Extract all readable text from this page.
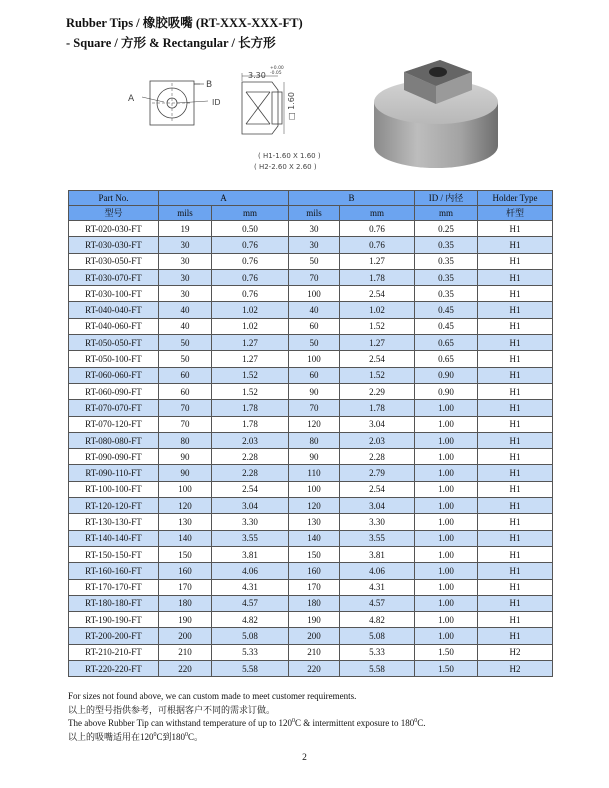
Rubber Tips / 橡胶吸嘴 (RT-XXX-XXX-FT)
- Square / 方形 & Rectangular / 长方形
A
B
ID
3.30
+0.00
-0.05
□ 1.60
( H1-1.60 X 1.60 )
( H2-2.60 X 2.60 )
Part No.	A		B		ID / 内径	Holder Type
型号	mils	mm	mils	mm	mm	杆型
RT-020-030-FT	19	0.50	30	0.76	0.25	H1
RT-030-030-FT	30	0.76	30	0.76	0.35	H1
RT-030-050-FT	30	0.76	50	1.27	0.35	H1
RT-030-070-FT	30	0.76	70	1.78	0.35	H1
RT-030-100-FT	30	0.76	100	2.54	0.35	H1
RT-040-040-FT	40	1.02	40	1.02	0.45	H1
RT-040-060-FT	40	1.02	60	1.52	0.45	H1
RT-050-050-FT	50	1.27	50	1.27	0.65	H1
RT-050-100-FT	50	1.27	100	2.54	0.65	H1
RT-060-060-FT	60	1.52	60	1.52	0.90	H1
RT-060-090-FT	60	1.52	90	2.29	0.90	H1
RT-070-070-FT	70	1.78	70	1.78	1.00	H1
RT-070-120-FT	70	1.78	120	3.04	1.00	H1
RT-080-080-FT	80	2.03	80	2.03	1.00	H1
RT-090-090-FT	90	2.28	90	2.28	1.00	H1
RT-090-110-FT	90	2.28	110	2.79	1.00	H1
RT-100-100-FT	100	2.54	100	2.54	1.00	H1
RT-120-120-FT	120	3.04	120	3.04	1.00	H1
RT-130-130-FT	130	3.30	130	3.30	1.00	H1
RT-140-140-FT	140	3.55	140	3.55	1.00	H1
RT-150-150-FT	150	3.81	150	3.81	1.00	H1
RT-160-160-FT	160	4.06	160	4.06	1.00	H1
RT-170-170-FT	170	4.31	170	4.31	1.00	H1
RT-180-180-FT	180	4.57	180	4.57	1.00	H1
RT-190-190-FT	190	4.82	190	4.82	1.00	H1
RT-200-200-FT	200	5.08	200	5.08	1.00	H1
RT-210-210-FT	210	5.33	210	5.33	1.50	H2
RT-220-220-FT	220	5.58	220	5.58	1.50	H2
For sizes not found above, we can custom made to meet customer requirements.
以上的型号指供参考，可根据客户不同的需求订做。
The above Rubber Tip can withstand temperature of up to $120^0C$ & intermittent exposure to $180^0C$.
以上的吸嘴适用在$120^0C$到$180^0C$。
2
